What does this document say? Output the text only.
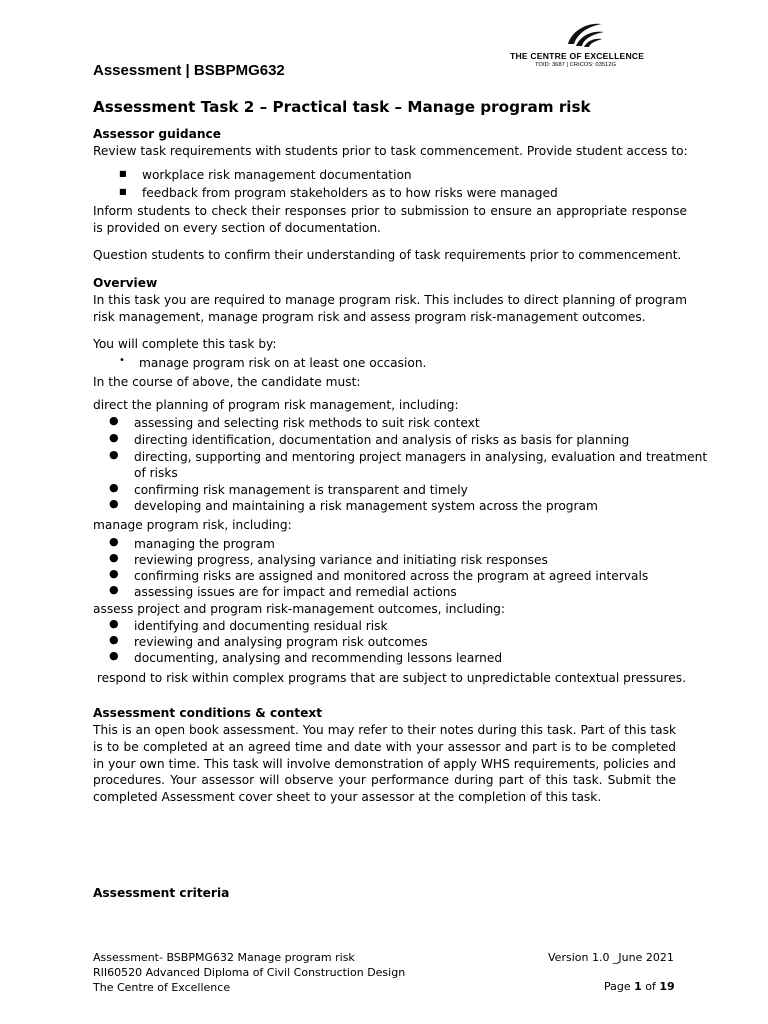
THE CENTRE OF EXCELLENCE
TOID: 3687 | CRICOS: 03512G
Assessment | BSBPMG632
Assessment Task 2 – Practical task – Manage program risk
Assessor guidance
Review task requirements with students prior to task commencement. Provide student access to:
■ workplace risk management documentation
■ feedback from program stakeholders as to how risks were managed

Inform students to check their responses prior to submission to ensure an appropriate response is provided on every section of documentation.

Question students to confirm their understanding of task requirements prior to commencement.
Overview

In this task you are required to manage program risk. This includes to direct planning of program risk management, manage program risk and assess program risk-management outcomes.

You will complete this task by:
• manage program risk on at least one occasion.
In the course of above, the candidate must:
direct the planning of program risk management, including:
● assessing and selecting risk methods to suit risk context
● directing identification, documentation and analysis of risks as basis for planning
● directing, supporting and mentoring project managers in analysing, evaluation and treatment
of risks
● confirming risk management is transparent and timely
● developing and maintaining a risk management system across the program
manage program risk, including:
● managing the program
● reviewing progress, analysing variance and initiating risk responses
● confirming risks are assigned and monitored across the program at agreed intervals
● assessing issues are for impact and remedial actions
assess project and program risk-management outcomes, including:
● identifying and documenting residual risk
● reviewing and analysing program risk outcomes
● documenting, analysing and recommending lessons learned
respond to risk within complex programs that are subject to unpredictable contextual pressures.
Assessment conditions & context

This is an open book assessment. You may refer to their notes during this task. Part of this task is to be completed at an agreed time and date with your assessor and part is to be completed in your own time. This task will involve demonstration of apply WHS requirements, policies and procedures. Your assessor will observe your performance during part of this task. Submit the completed Assessment cover sheet to your assessor at the completion of this task.

Assessment criteria
Assessment- BSBPMG632 Manage program risk	Version 1.0 _June 2021
RII60520 Advanced Diploma of Civil Construction Design
The Centre of Excellence	Page 1 of 19
